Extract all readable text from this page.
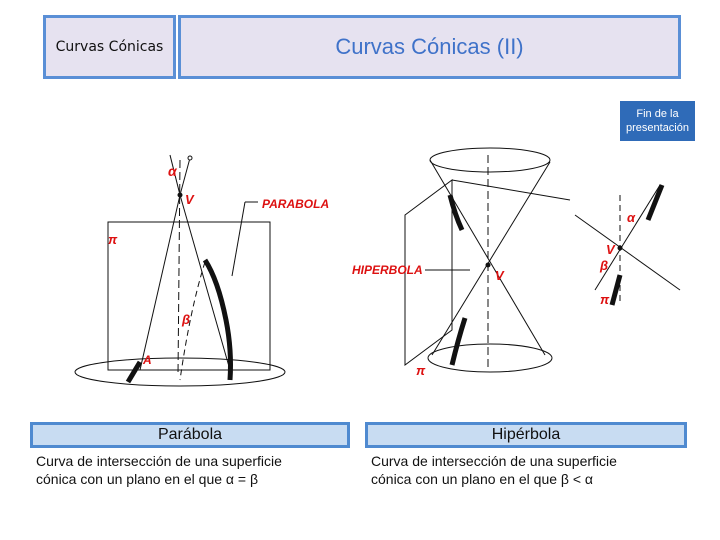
Curvas Cónicas	Curvas Cónicas (II)
Fin de la
presentación
α
V	PARABOLA
π
β
A
HIPERBOLA	V
π
α
V
β
π
Parábola
Curva de intersección de una superficie
cónica con un plano en el que α = β
Hipérbola
Curva de intersección de una superficie
cónica con un plano en el que β < α
